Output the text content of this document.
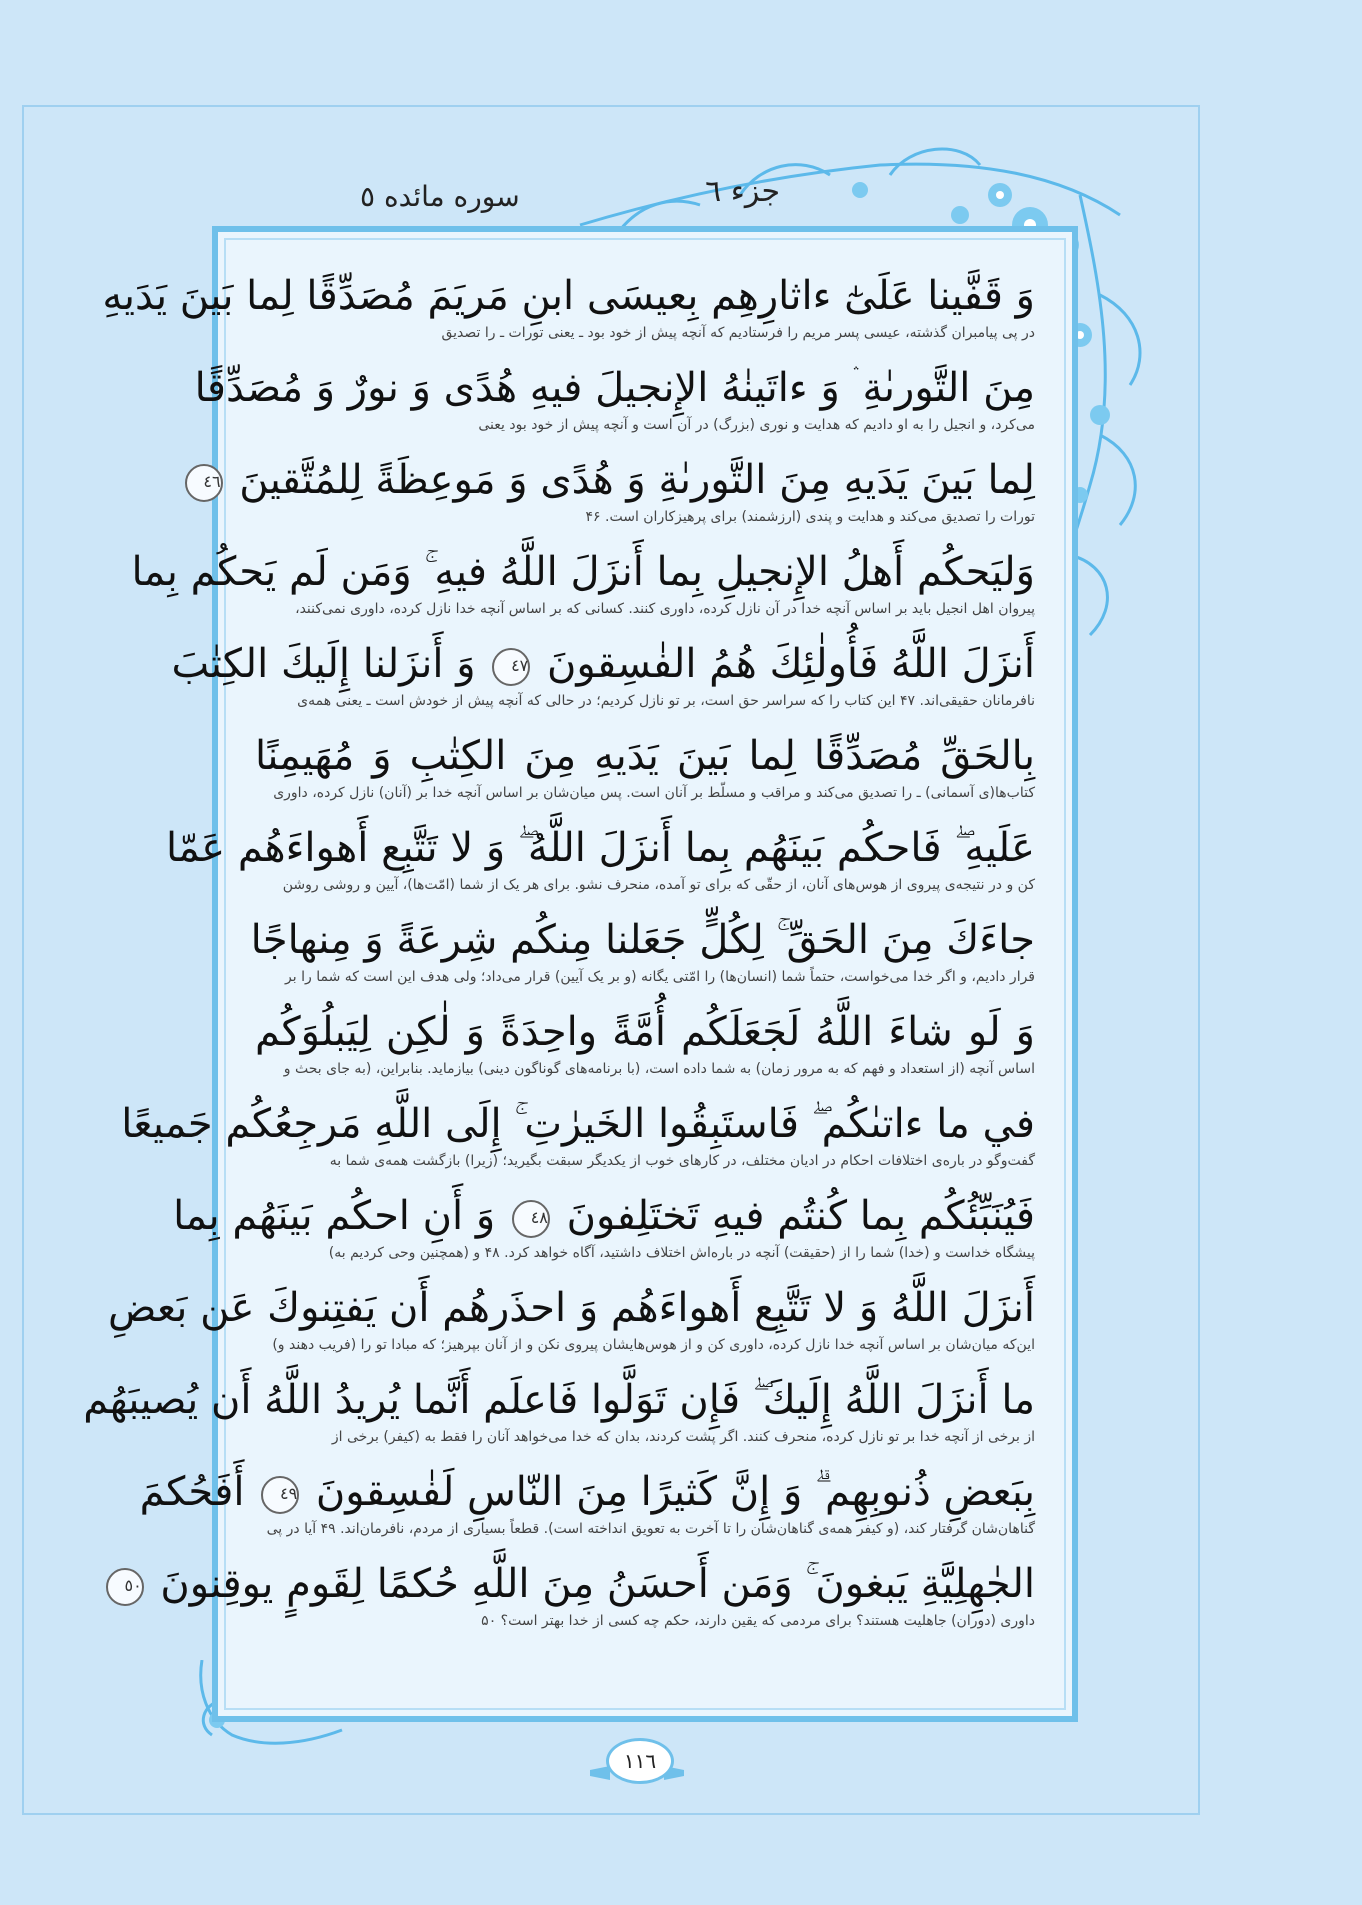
جزء ٦
سوره مائده ٥
وَ قَفَّينا عَلَىٰٓ ءاثارِهِم بِعيسَى ابنِ مَريَمَ مُصَدِّقًا لِما بَينَ يَدَيهِ
در پی پیامبران گذشته، عیسی پسر مریم را فرستادیم که آنچه پیش از خود بود ـ یعنی تورات ـ را تصدیق
مِنَ التَّورىٰةِ ۛ وَ ءاتَينٰهُ الإِنجيلَ فيهِ هُدًى وَ نورٌ وَ مُصَدِّقًا
می‌کرد، و انجیل را به او دادیم که هدایت و نوری (بزرگ) در آن است و آنچه پیش از خود بود یعنی
لِما بَينَ يَدَيهِ مِنَ التَّورىٰةِ وَ هُدًى وَ مَوعِظَةً لِلمُتَّقينَ ٤٦
تورات را تصدیق می‌کند و هدایت و پندی (ارزشمند) برای پرهیزکاران است. ۴۶
وَليَحكُم أَهلُ الإِنجيلِ بِما أَنزَلَ اللَّهُ فيهِ ۚ وَمَن لَم يَحكُم بِما
پیروان اهل انجیل باید بر اساس آنچه خدا در آن نازل کرده، داوری کنند. کسانی که بر اساس آنچه خدا نازل کرده، داوری نمی‌کنند،
أَنزَلَ اللَّهُ فَأُولٰئِكَ هُمُ الفٰسِقونَ ٤٧ وَ أَنزَلنا إِلَيكَ الكِتٰبَ
نافرمانان حقیقی‌اند. ۴۷ این کتاب را که سراسر حق است، بر تو نازل کردیم؛ در حالی که آنچه پیش از خودش است ـ یعنی همه‌ی
بِالحَقِّ مُصَدِّقًا لِما بَينَ يَدَيهِ مِنَ الكِتٰبِ وَ مُهَيمِنًا
کتاب‌ها(ی آسمانی) ـ را تصدیق می‌کند و مراقب و مسلّط بر آنان است. پس میان‌شان بر اساس آنچه خدا بر (آنان) نازل کرده، داوری
عَلَيهِ ۖ فَاحكُم بَينَهُم بِما أَنزَلَ اللَّهُ ۖ وَ لا تَتَّبِع أَهواءَهُم عَمّا
کن و در نتیجه‌ی پیروی از هوس‌های آنان، از حقّی که برای تو آمده، منحرف نشو. برای هر یک از شما (امّت‌ها)، آیین و روشی روشن
جاءَكَ مِنَ الحَقِّ ۚ لِكُلٍّ جَعَلنا مِنكُم شِرعَةً وَ مِنهاجًا
قرار دادیم، و اگر خدا می‌خواست، حتماً شما (انسان‌ها) را امّتی یگانه (و بر یک آیین) قرار می‌داد؛ ولی هدف این است که شما را بر
وَ لَو شاءَ اللَّهُ لَجَعَلَكُم أُمَّةً واحِدَةً وَ لٰكِن لِيَبلُوَكُم
اساس آنچه (از استعداد و فهم که به مرور زمان) به شما داده است، (با برنامه‌های گوناگون دینی) بیازماید. بنابراین، (به جای بحث و
في ما ءاتىٰكُم ۖ فَاستَبِقُوا الخَيرٰتِ ۚ إِلَى اللَّهِ مَرجِعُكُم جَميعًا
گفت‌وگو در باره‌ی اختلافات احکام در ادیان مختلف، در کارهای خوب از یکدیگر سبقت بگیرید؛ (زیرا) بازگشت همه‌ی شما به
فَيُنَبِّئُكُم بِما كُنتُم فيهِ تَختَلِفونَ ٤٨ وَ أَنِ احكُم بَينَهُم بِما
پیشگاه خداست و (خدا) شما را از (حقیقت) آنچه در باره‌اش اختلاف داشتید، آگاه خواهد کرد. ۴۸ و (همچنین وحی کردیم به)
أَنزَلَ اللَّهُ وَ لا تَتَّبِع أَهواءَهُم وَ احذَرهُم أَن يَفتِنوكَ عَن بَعضِ
این‌که میان‌شان بر اساس آنچه خدا نازل کرده، داوری کن و از هوس‌هایشان پیروی نکن و از آنان بپرهیز؛ که مبادا تو را (فریب دهند و)
ما أَنزَلَ اللَّهُ إِلَيكَ ۖ فَإِن تَوَلَّوا فَاعلَم أَنَّما يُريدُ اللَّهُ أَن يُصيبَهُم
از برخی از آنچه خدا بر تو نازل کرده، منحرف کنند. اگر پشت کردند، بدان که خدا می‌خواهد آنان را فقط به (کیفر) برخی از
بِبَعضِ ذُنوبِهِم ۗ وَ إِنَّ كَثيرًا مِنَ النّاسِ لَفٰسِقونَ ٤٩ أَفَحُكمَ
گناهان‌شان گرفتار کند، (و کیفر همه‌ی گناهان‌شان را تا آخرت به تعویق انداخته است). قطعاً بسیاری از مردم، نافرمان‌اند. ۴۹ آیا در پی
الجٰهِلِيَّةِ يَبغونَ ۚ وَمَن أَحسَنُ مِنَ اللَّهِ حُكمًا لِقَومٍ يوقِنونَ ٥٠
داوری (دوران) جاهلیت هستند؟ برای مردمی که یقین دارند، حکم چه کسی از خدا بهتر است؟ ۵۰
١١٦
